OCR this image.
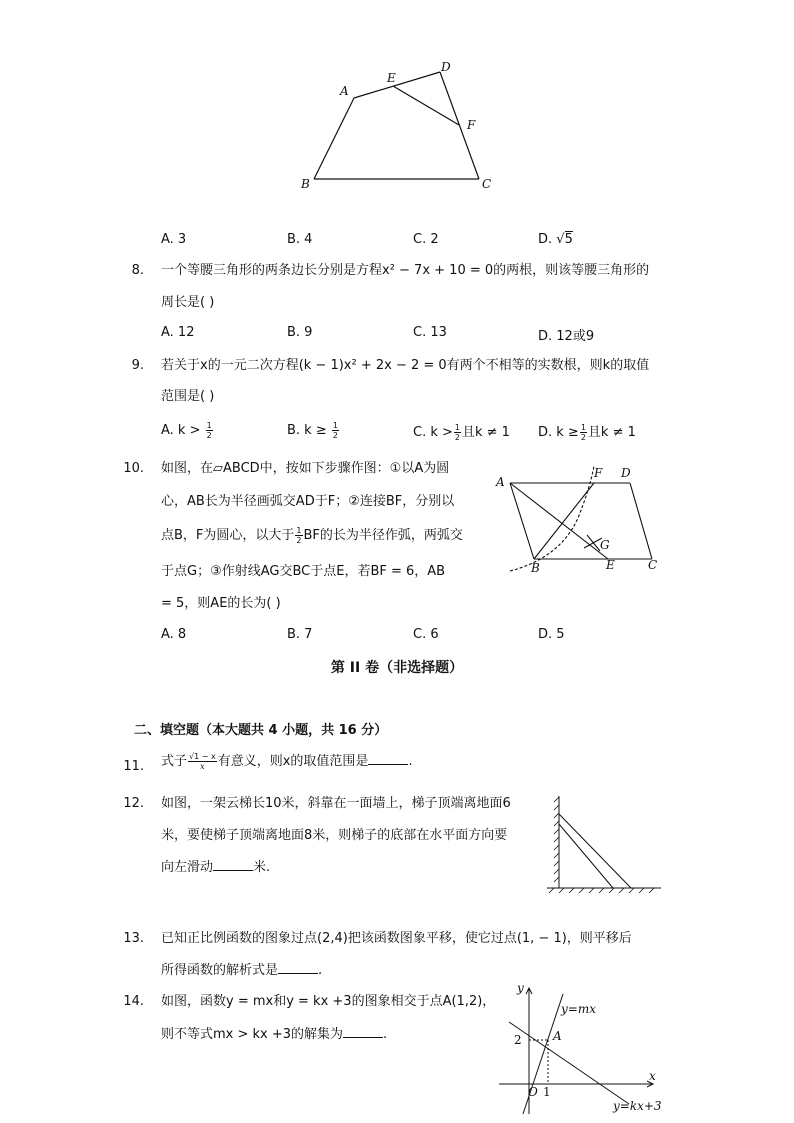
A
B	C
D
E
F
A. 3	B. 4	C. 2	D. √5
8. 一个等腰三角形的两条边长分别是方程x² − 7x + 10 = 0的两根，则该等腰三角形的
周长是( )
A. 12	B. 9	C. 13	D. 12或9
9. 若关于x的一元二次方程(k − 1)x² + 2x − 2 = 0有两个不相等的实数根，则k的取值
范围是( )
A. $k > \frac{1}{2}$	B. $k \ge \frac{1}{2}$	C. $k > \frac{1}{2}$ 且k ≠ 1 D. $k \ge \frac{1}{2}$ 且k ≠ 1
10. 如图，在▱ABCD中，按如下步骤作图：①以A为圆
心，AB长为半径画弧交AD于F；②连接BF，分别以
点B，F为圆心，以大于 $\frac{1}{2}$ BF的长为半径作弧，两弧交
于点G；③作射线AG交BC于点E，若BF = 6，AB
= 5，则AE的长为( )
A
B	C
D
E
F
G
A. 8	B. 7	C. 6	D. 5
第 II 卷（非选择题）
二、填空题（本大题共 4 小题，共 16 分）
11. 式子 $\frac{√1 - x}{x}$ 有意义，则x的取值范围是	.
12. 如图，一架云梯长10米，斜靠在一面墙上，梯子顶端离地面6
米，要使梯子顶端离地面8米，则梯子的底部在水平面方向要
向左滑动	米.
13. 已知正比例函数的图象过点(2,4)把该函数图象平移，使它过点(1, − 1)，则平移后
所得函数的解析式是	.
14. 如图，函数y = mx和y = kx +3的图象相交于点A(1,2)，
则不等式mx > kx +3的解集为	.
y
x
O
A
2
1
y=mx
y=kx+3
